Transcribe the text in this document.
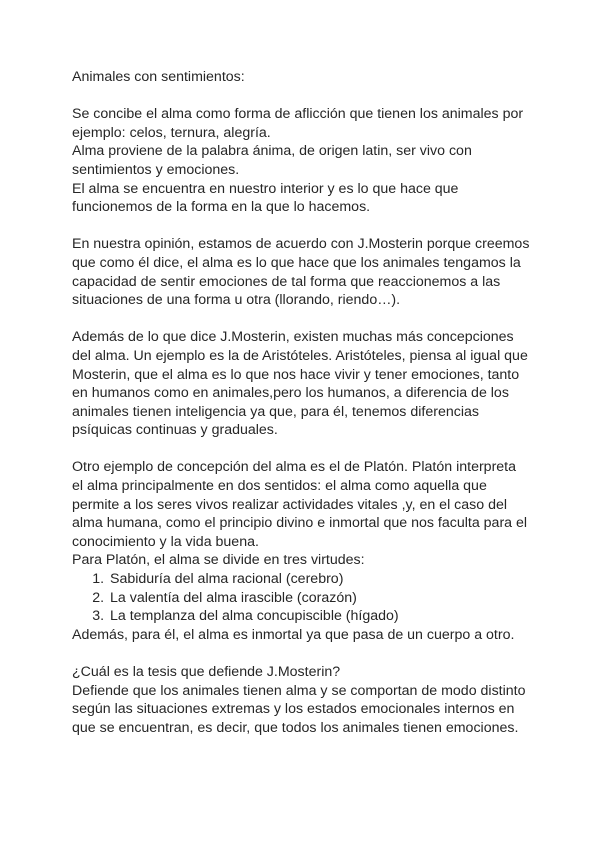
Animales con sentimientos:

Se concibe el alma como forma de aflicción que tienen los animales por
ejemplo: celos, ternura, alegría.
Alma proviene de la palabra ánima, de origen latin, ser vivo con
sentimientos y emociones.
El alma se encuentra en nuestro interior y es lo que hace que
funcionemos de la forma en la que lo hacemos.

En nuestra opinión, estamos de acuerdo con J.Mosterin porque creemos
que como él dice, el alma es lo que hace que los animales tengamos la
capacidad de sentir emociones de tal forma que reaccionemos a las
situaciones de una forma u otra (llorando, riendo…).

Además de lo que dice J.Mosterin, existen muchas más concepciones
del alma. Un ejemplo es la de Aristóteles. Aristóteles, piensa al igual que
Mosterin, que el alma es lo que nos hace vivir y tener emociones, tanto
en humanos como en animales,pero los humanos, a diferencia de los
animales tienen inteligencia ya que, para él, tenemos diferencias
psíquicas continuas y graduales.

Otro ejemplo de concepción del alma es el de Platón. Platón interpreta
el alma principalmente en dos sentidos: el alma como aquella que
permite a los seres vivos realizar actividades vitales ,y, en el caso del
alma humana, como el principio divino e inmortal que nos faculta para el
conocimiento y la vida buena.

Para Platón, el alma se divide en tres virtudes:

1. Sabiduría del alma racional (cerebro)
2. La valentía del alma irascible (corazón)
3. La templanza del alma concupiscible (hígado)

Además, para él, el alma es inmortal ya que pasa de un cuerpo a otro.

¿Cuál es la tesis que defiende J.Mosterin?

Defiende que los animales tienen alma y se comportan de modo distinto
según las situaciones extremas y los estados emocionales internos en
que se encuentran, es decir, que todos los animales tienen emociones.
